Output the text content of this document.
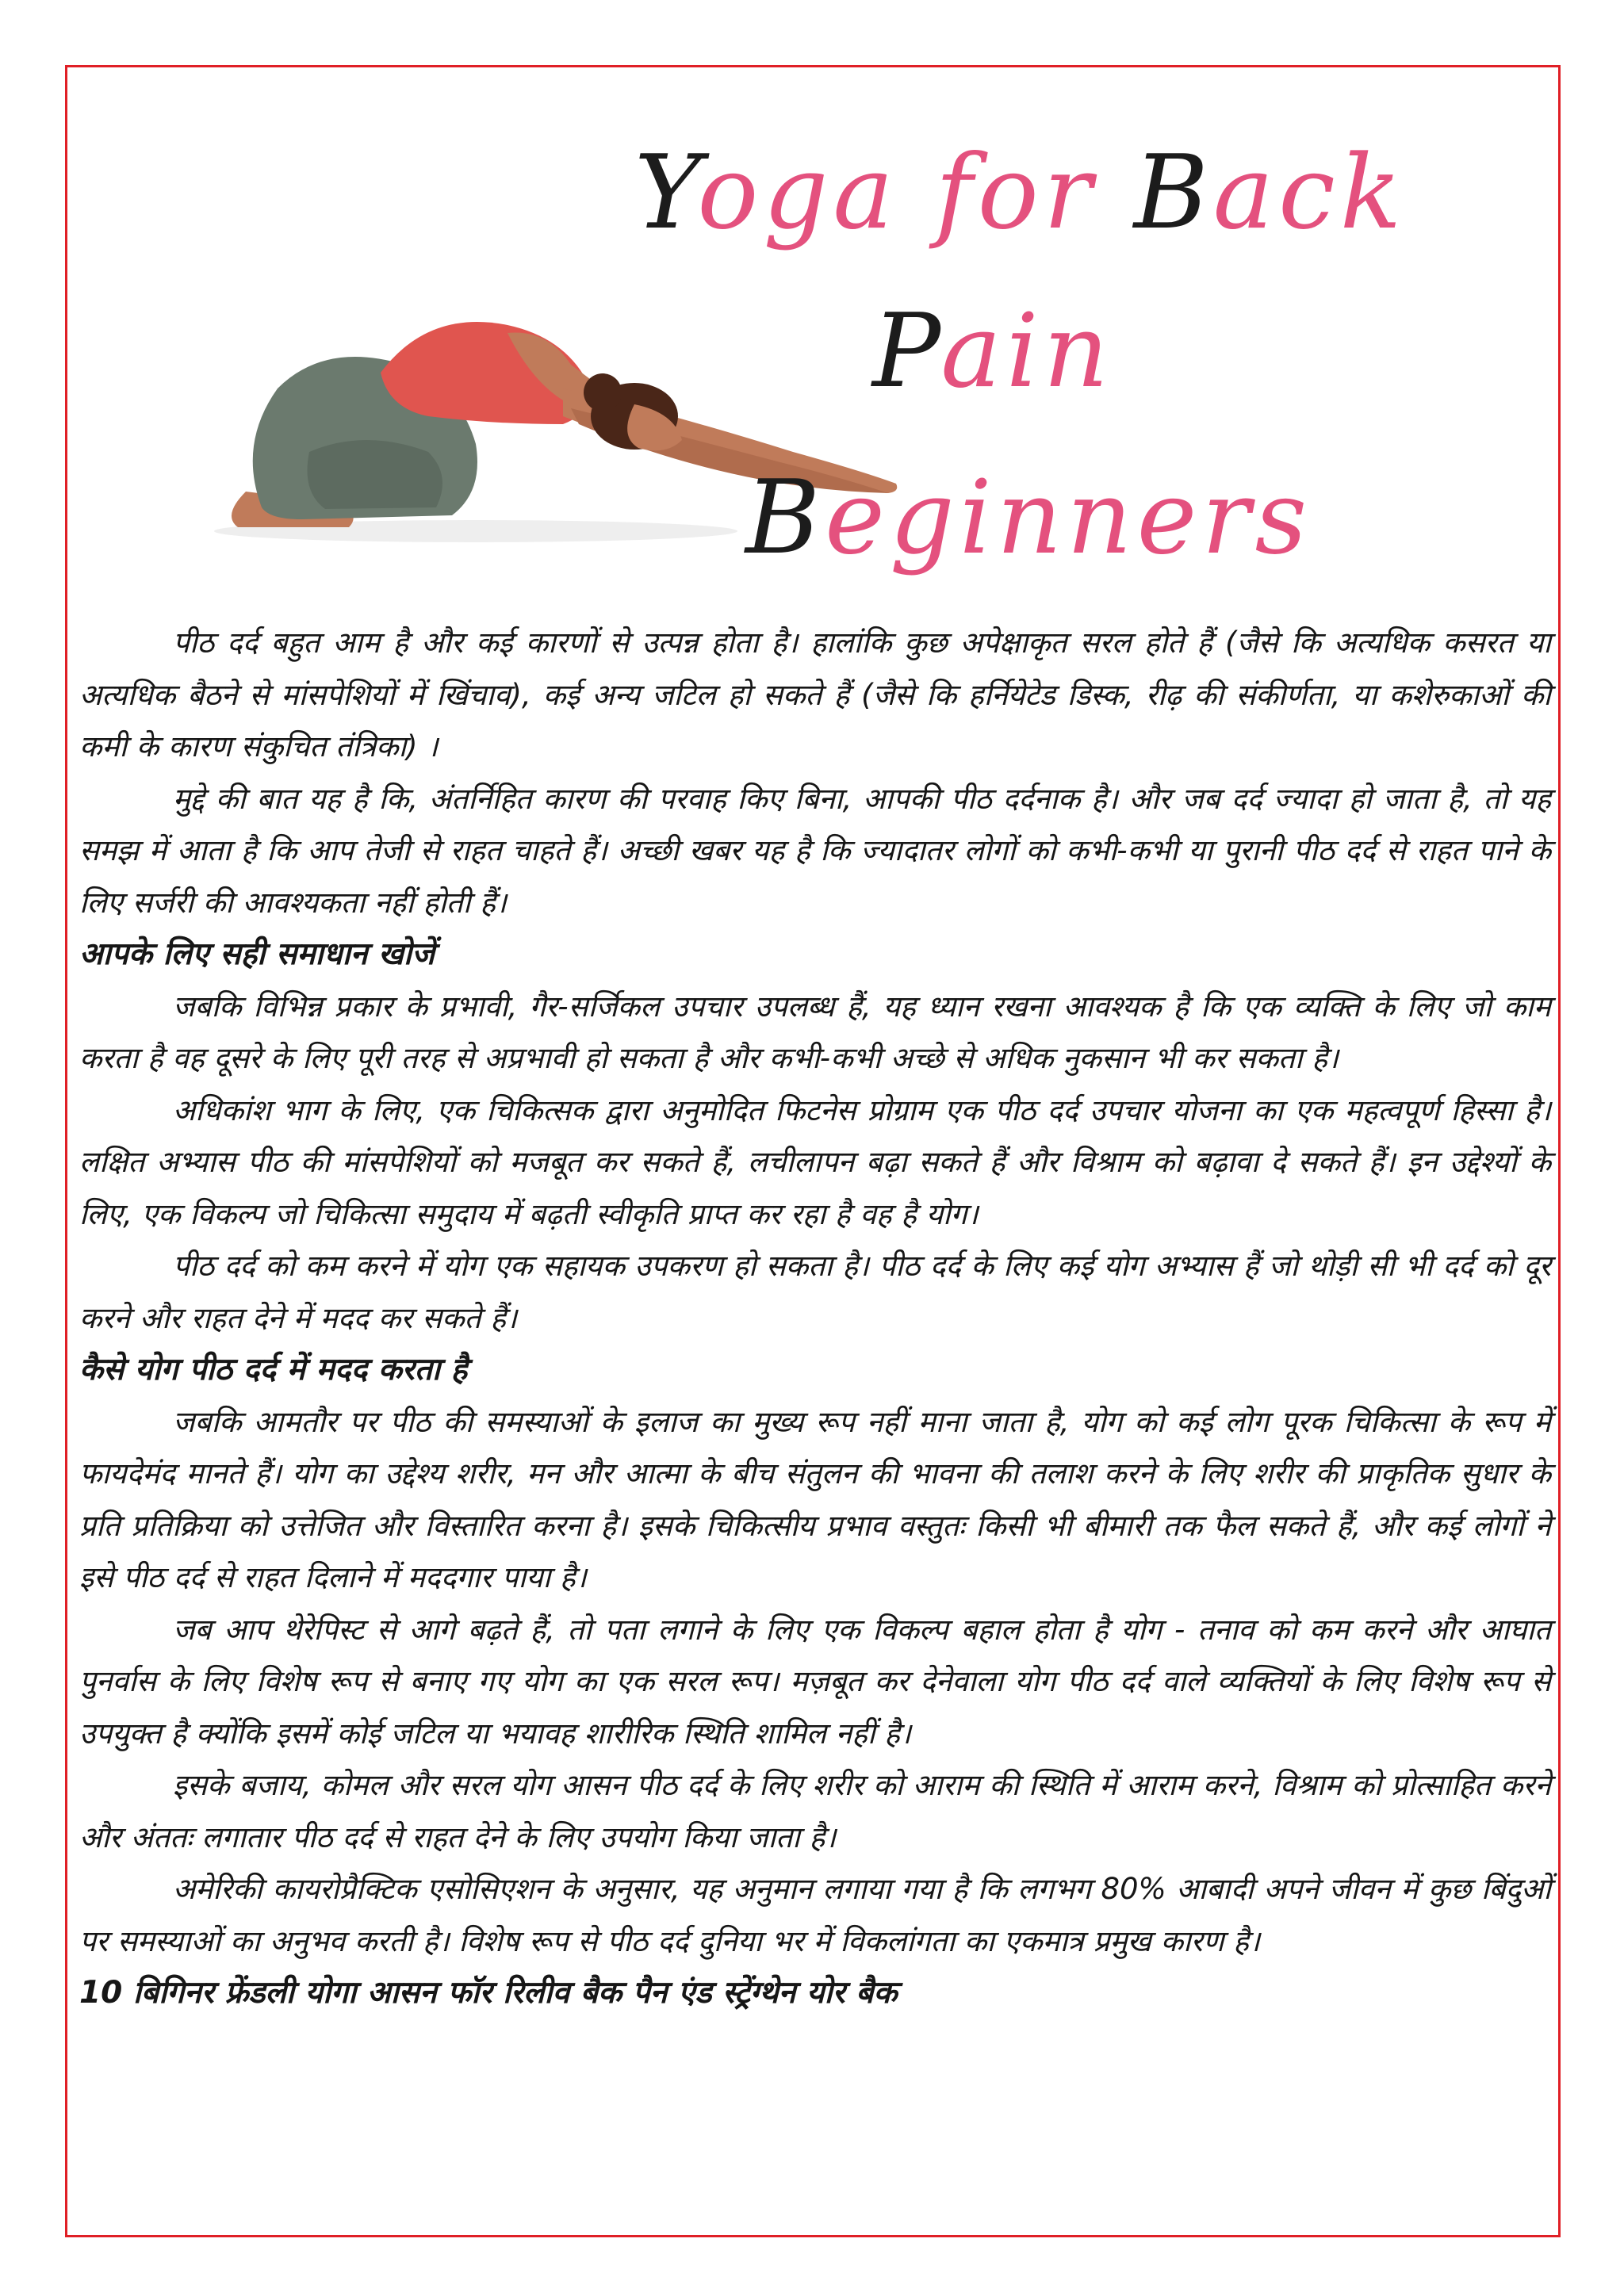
Yoga for Back
Pain
Beginners

पीठ दर्द बहुत आम है और कई कारणों से उत्पन्न होता है। हालांकि कुछ अपेक्षाकृत सरल होते हैं (जैसे कि अत्यधिक कसरत या अत्यधिक बैठने से मांसपेशियों में खिंचाव), कई अन्य जटिल हो सकते हैं (जैसे कि हर्नियेटेड डिस्क, रीढ़ की संकीर्णता, या कशेरुकाओं की कमी के कारण संकुचित तंत्रिका) ।

मुद्दे की बात यह है कि, अंतर्निहित कारण की परवाह किए बिना, आपकी पीठ दर्दनाक है। और जब दर्द ज्यादा हो जाता है, तो यह समझ में आता है कि आप तेजी से राहत चाहते हैं। अच्छी खबर यह है कि ज्यादातर लोगों को कभी-कभी या पुरानी पीठ दर्द से राहत पाने के लिए सर्जरी की आवश्यकता नहीं होती हैं।

आपके लिए सही समाधान खोजें

जबकि विभिन्न प्रकार के प्रभावी, गैर-सर्जिकल उपचार उपलब्ध हैं, यह ध्यान रखना आवश्यक है कि एक व्यक्ति के लिए जो काम करता है वह दूसरे के लिए पूरी तरह से अप्रभावी हो सकता है और कभी-कभी अच्छे से अधिक नुकसान भी कर सकता है।

अधिकांश भाग के लिए, एक चिकित्सक द्वारा अनुमोदित फिटनेस प्रोग्राम एक पीठ दर्द उपचार योजना का एक महत्वपूर्ण हिस्सा है। लक्षित अभ्यास पीठ की मांसपेशियों को मजबूत कर सकते हैं, लचीलापन बढ़ा सकते हैं और विश्राम को बढ़ावा दे सकते हैं। इन उद्देश्यों के लिए, एक विकल्प जो चिकित्सा समुदाय में बढ़ती स्वीकृति प्राप्त कर रहा है वह है योग।

पीठ दर्द को कम करने में योग एक सहायक उपकरण हो सकता है। पीठ दर्द के लिए कई योग अभ्यास हैं जो थोड़ी सी भी दर्द को दूर करने और राहत देने में मदद कर सकते हैं।

कैसे योग पीठ दर्द में मदद करता है

जबकि आमतौर पर पीठ की समस्याओं के इलाज का मुख्य रूप नहीं माना जाता है, योग को कई लोग पूरक चिकित्सा के रूप में फायदेमंद मानते हैं। योग का उद्देश्य शरीर, मन और आत्मा के बीच संतुलन की भावना की तलाश करने के लिए शरीर की प्राकृतिक सुधार के प्रति प्रतिक्रिया को उत्तेजित और विस्तारित करना है। इसके चिकित्सीय प्रभाव वस्तुतः किसी भी बीमारी तक फैल सकते हैं, और कई लोगों ने इसे पीठ दर्द से राहत दिलाने में मददगार पाया है।

जब आप थेरेपिस्ट से आगे बढ़ते हैं, तो पता लगाने के लिए एक विकल्प बहाल होता है योग - तनाव को कम करने और आघात पुनर्वास के लिए विशेष रूप से बनाए गए योग का एक सरल रूप। मज़बूत कर देनेवाला योग पीठ दर्द वाले व्यक्तियों के लिए विशेष रूप से उपयुक्त है क्योंकि इसमें कोई जटिल या भयावह शारीरिक स्थिति शामिल नहीं है।

इसके बजाय, कोमल और सरल योग आसन पीठ दर्द के लिए शरीर को आराम की स्थिति में आराम करने, विश्राम को प्रोत्साहित करने और अंततः लगातार पीठ दर्द से राहत देने के लिए उपयोग किया जाता है।

अमेरिकी कायरोप्रैक्टिक एसोसिएशन के अनुसार, यह अनुमान लगाया गया है कि लगभग 80% आबादी अपने जीवन में कुछ बिंदुओं पर समस्याओं का अनुभव करती है। विशेष रूप से पीठ दर्द दुनिया भर में विकलांगता का एकमात्र प्रमुख कारण है।

10 बिगिनर फ्रेंडली योगा आसन फॉर रिलीव बैक पैन एंड स्ट्रेंग्थेन योर बैक
